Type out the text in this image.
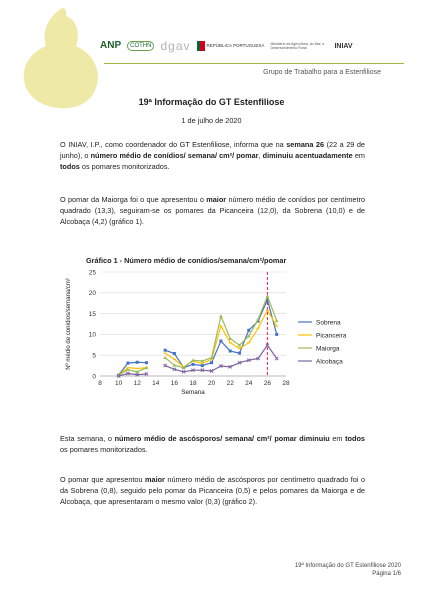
ANP COTHN dgav	REPÚBLICA PORTUGUESA Ministério da Agricultura, do Mar, e Desenvolvimento Rural	INIAV
Grupo de Trabalho para a Estenfiliose
19ª Informação do GT Estenfiliose
1 de julho de 2020
O INIAV, I.P., como coordenador do GT Estenfiliose, informa que na semana 26 (22 a 29 de junho), o número médio de conídios/ semana/ cm²/ pomar, diminuiu acentuadamente em todos os pomares monitorizados.
O pomar da Maiorga foi o que apresentou o maior número médio de conídios por centímetro quadrado (13,3), seguiram-se os pomares da Picanceira (12,0), da Sobrena (10,0) e de Alcobaça (4,2) (gráfico 1).
Gráfico 1 - Número médio de conídios/semana/cm²/pomar
0
5
10
15
20
25
8 10 12 14 16 18 20 22 24 26 28
Semana
Nº médio de conídios/semana/cm²	Sobrena
Picanceira
Maiorga
Alcobaça
Esta semana, o número médio de ascósporos/ semana/ cm²/ pomar diminuiu em todos os pomares monitorizados.
O pomar que apresentou maior número médio de ascósporos por centímetro quadrado foi o da Sobrena (0,8), seguido pelo pomar da Picanceira (0,5) e pelos pomares da Maiorga e de Alcobaça, que apresentaram o mesmo valor (0,3) (gráfico 2).
19ª Informação do GT Estenfiliose 2020
Página 1/6
